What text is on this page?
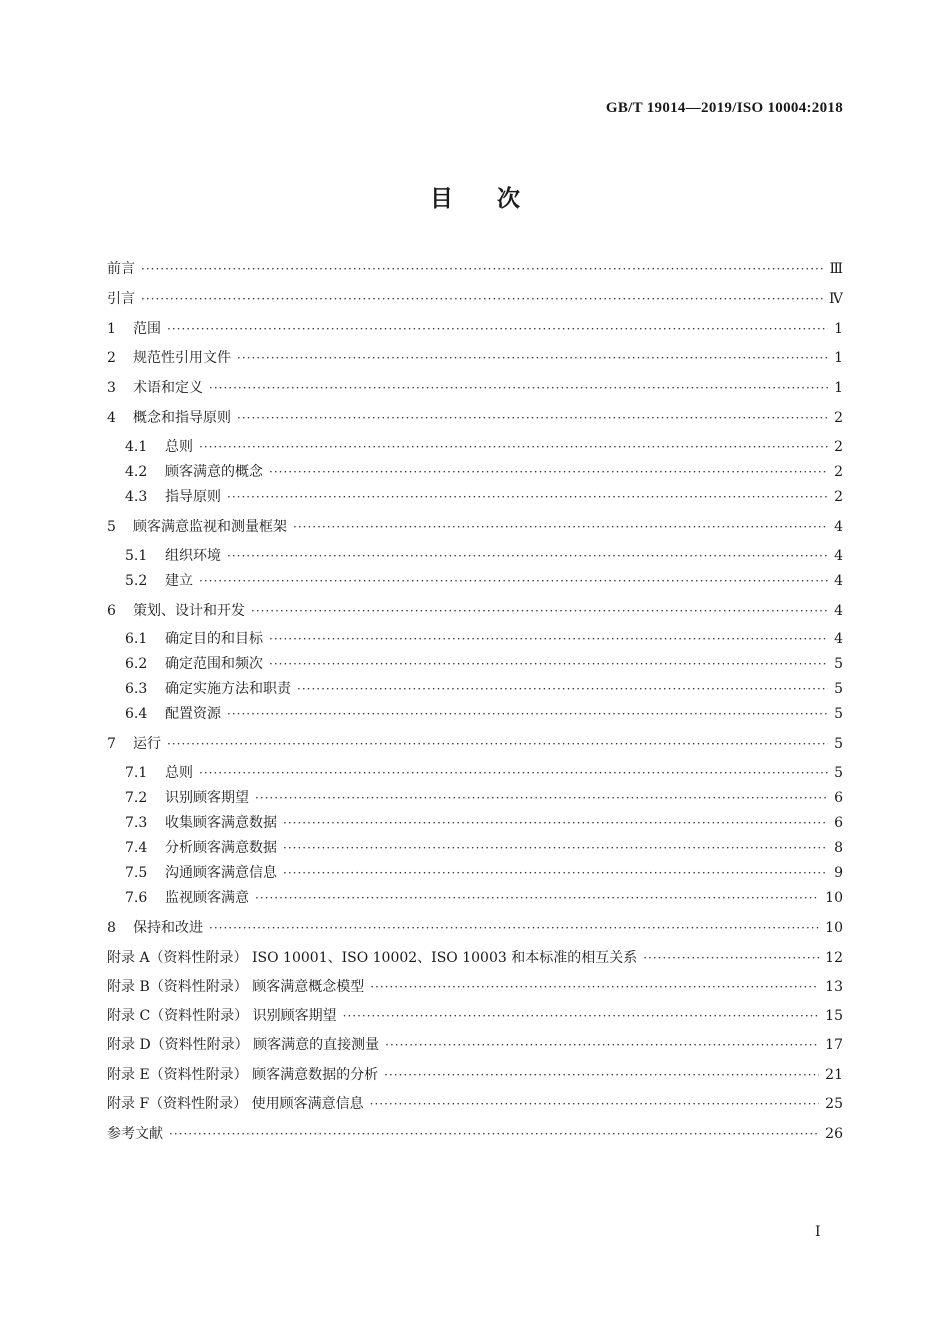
GB/T 19014—2019/ISO 10004:2018
目次
前言 ·····	Ⅲ
引言 ·····	Ⅳ
1	范围 ·····	1
2	规范性引用文件 ·····	1
3	术语和定义 ·····	1
4	概念和指导原则 ·····	2
4.1	总则 ·····	2
4.2	顾客满意的概念 ·····	2
4.3	指导原则 ·····	2
5	顾客满意监视和测量框架 ·····	4
5.1	组织环境 ·····	4
5.2	建立 ·····	4
6	策划、设计和开发 ·····	4
6.1	确定目的和目标 ·····	4
6.2	确定范围和频次 ·····	5
6.3	确定实施方法和职责 ·····	5
6.4	配置资源 ·····	5
7	运行 ·····	5
7.1	总则 ·····	5
7.2	识别顾客期望 ·····	6
7.3	收集顾客满意数据 ·····	6
7.4	分析顾客满意数据 ·····	8
7.5	沟通顾客满意信息 ·····	9
7.6	监视顾客满意 ·····	10
8	保持和改进 ·····	10
附录 A（资料性附录） ISO 10001、ISO 10002、ISO 10003 和本标准的相互关系 ·····	12
附录 B（资料性附录） 顾客满意概念模型 ·····	13
附录 C（资料性附录） 识别顾客期望 ·····	15
附录 D（资料性附录） 顾客满意的直接测量 ·····	17
附录 E（资料性附录） 顾客满意数据的分析 ·····	21
附录 F（资料性附录） 使用顾客满意信息 ·····	25
参考文献 ·····	26
Ⅰ
